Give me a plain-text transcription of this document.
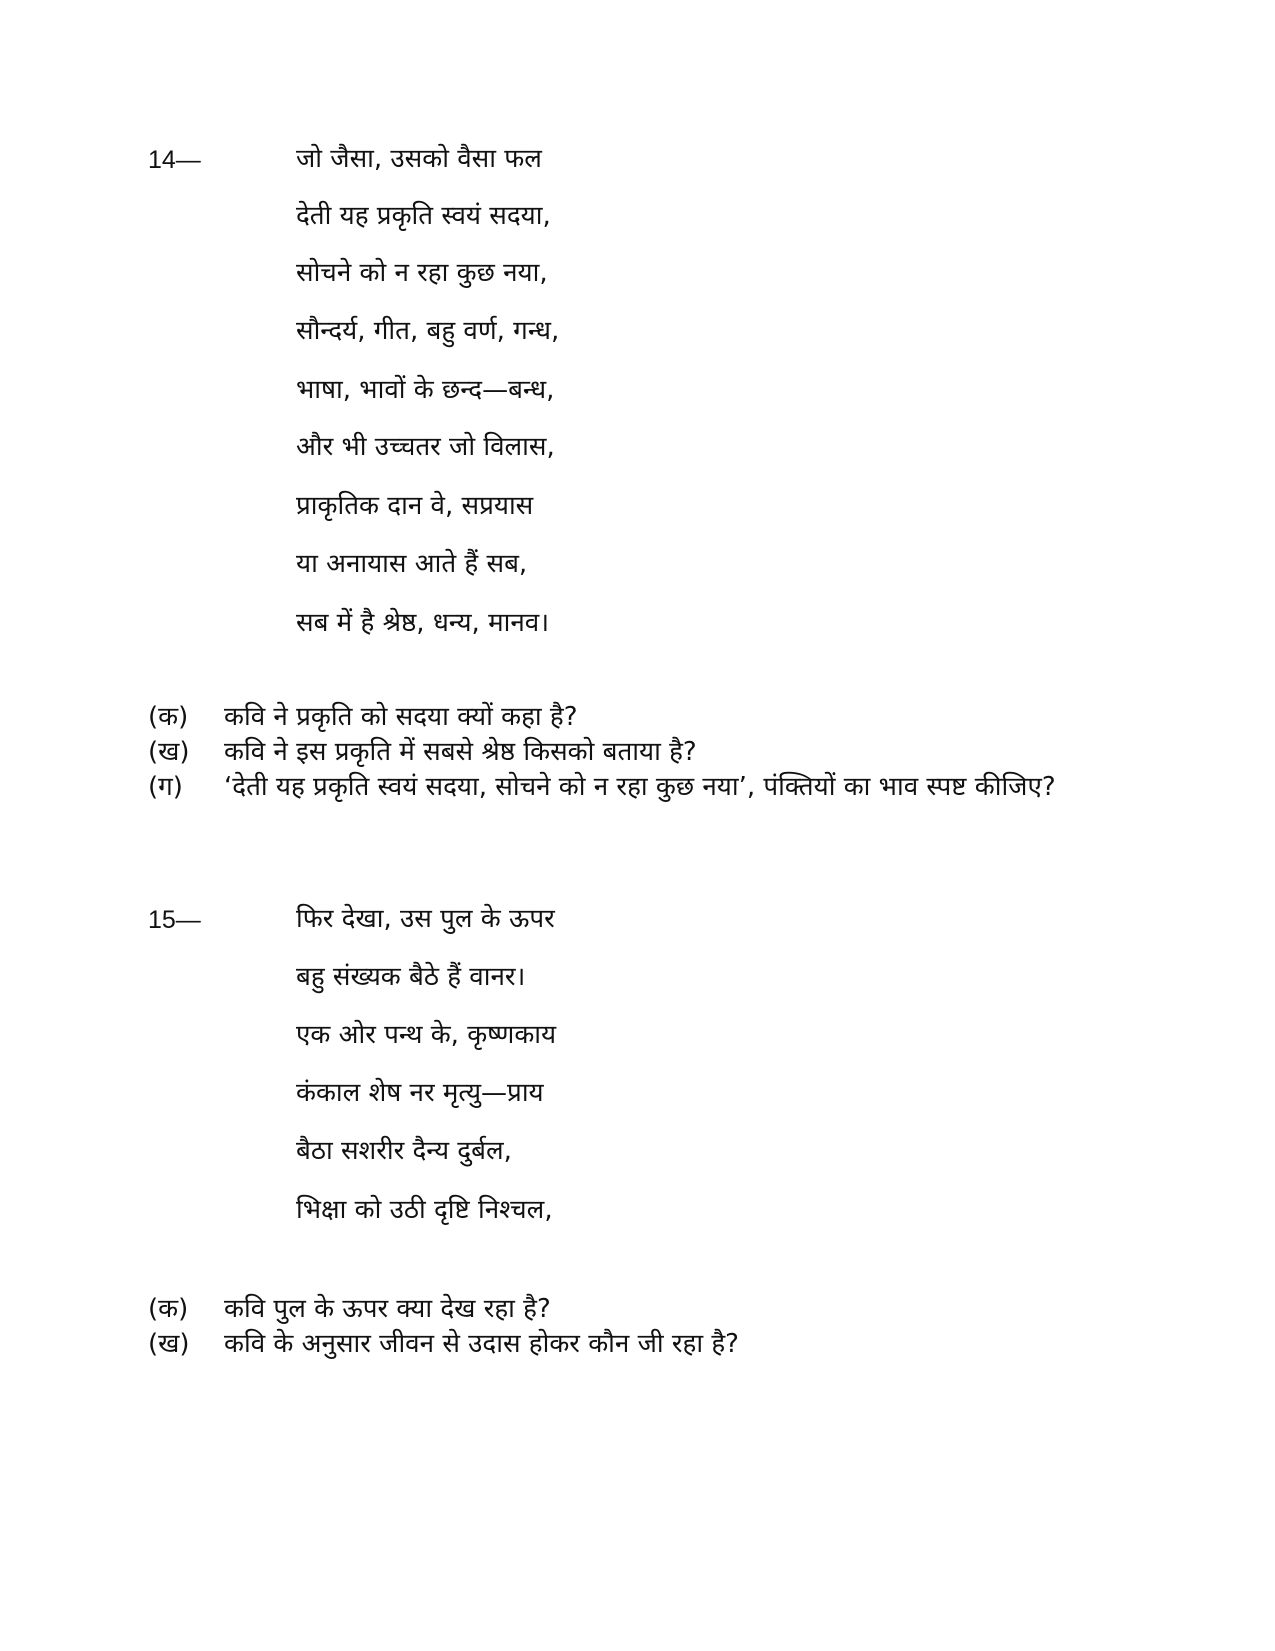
14—	जो जैसा, उसको वैसा फल
देती यह प्रकृति स्वयं सदया,
सोचने को न रहा कुछ नया,
सौन्दर्य, गीत, बहु वर्ण, गन्ध,
भाषा, भावों के छन्द—बन्ध,
और भी उच्चतर जो विलास,
प्राकृतिक दान वे, सप्रयास
या अनायास आते हैं सब,
सब में है श्रेष्ठ, धन्य, मानव।
(क)	कवि ने प्रकृति को सदया क्यों कहा है?
(ख)	कवि ने इस प्रकृति में सबसे श्रेष्ठ किसको बताया है?
(ग)	‘देती यह प्रकृति स्वयं सदया, सोचने को न रहा कुछ नया’, पंक्तियों का भाव स्पष्ट कीजिए?
15—	फिर देखा, उस पुल के ऊपर
बहु संख्यक बैठे हैं वानर।
एक ओर पन्थ के, कृष्णकाय
कंकाल शेष नर मृत्यु—प्राय
बैठा सशरीर दैन्य दुर्बल,
भिक्षा को उठी दृष्टि निश्चल,
(क)	कवि पुल के ऊपर क्या देख रहा है?
(ख)	कवि के अनुसार जीवन से उदास होकर कौन जी रहा है?
